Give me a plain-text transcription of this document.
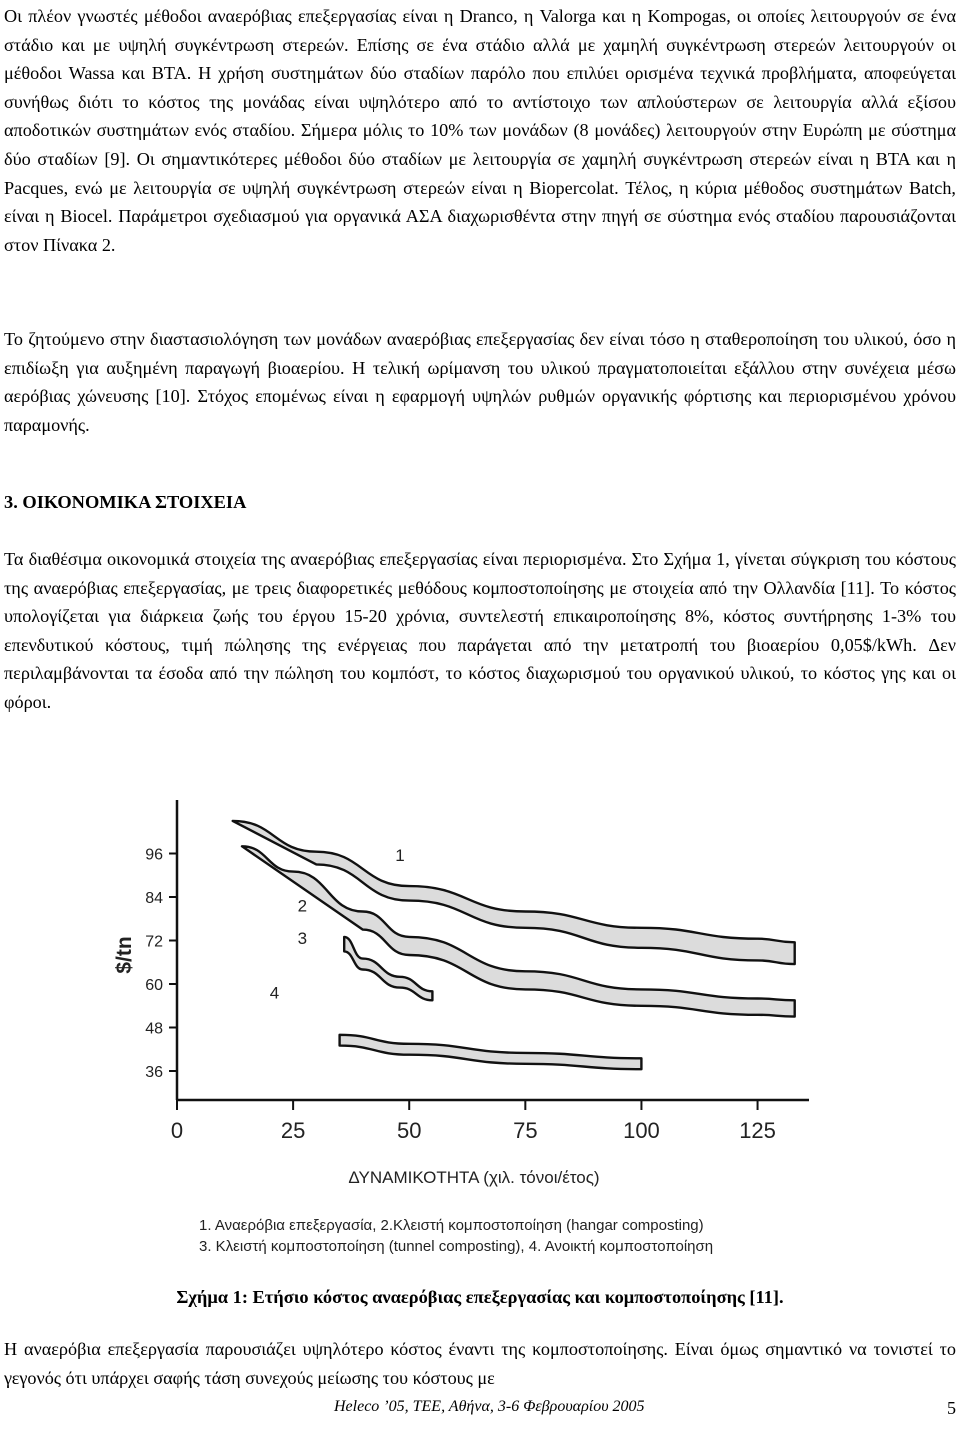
Οι πλέον γνωστές μέθοδοι αναερόβιας επεξεργασίας είναι η Dranco, η Valorga και η Kompogas, οι οποίες λειτουργούν σε ένα στάδιο και με υψηλή συγκέντρωση στερεών. Επίσης σε ένα στάδιο αλλά με χαμηλή συγκέντρωση στερεών λειτουργούν οι μέθοδοι Wassa και BTA. Η χρήση συστημάτων δύο σταδίων παρόλο που επιλύει ορισμένα τεχνικά προβλήματα, αποφεύγεται συνήθως διότι το κόστος της μονάδας είναι υψηλότερο από το αντίστοιχο των απλούστερων σε λειτουργία αλλά εξίσου αποδοτικών συστημάτων ενός σταδίου. Σήμερα μόλις το 10% των μονάδων (8 μονάδες) λειτουργούν στην Ευρώπη με σύστημα δύο σταδίων [9]. Οι σημαντικότερες μέθοδοι δύο σταδίων με λειτουργία σε χαμηλή συγκέντρωση στερεών είναι η BTA και η Pacques, ενώ με λειτουργία σε υψηλή συγκέντρωση στερεών είναι η Biopercolat. Τέλος, η κύρια μέθοδος συστημάτων Batch, είναι η Biocel. Παράμετροι σχεδιασμού για οργανικά ΑΣΑ διαχωρισθέντα στην πηγή σε σύστημα ενός σταδίου παρουσιάζονται στον Πίνακα 2.

Το ζητούμενο στην διαστασιολόγηση των μονάδων αναερόβιας επεξεργασίας δεν είναι τόσο η σταθεροποίηση του υλικού, όσο η επιδίωξη για αυξημένη παραγωγή βιοαερίου. Η τελική ωρίμανση του υλικού πραγματοποιείται εξάλλου στην συνέχεια μέσω αερόβιας χώνευσης [10]. Στόχος επομένως είναι η εφαρμογή υψηλών ρυθμών οργανικής φόρτισης και περιορισμένου χρόνου παραμονής.

3. ΟΙΚΟΝΟΜΙΚΑ ΣΤΟΙΧΕΙΑ

Τα διαθέσιμα οικονομικά στοιχεία της αναερόβιας επεξεργασίας είναι περιορισμένα. Στο Σχήμα 1, γίνεται σύγκριση του κόστους της αναερόβιας επεξεργασίας, με τρεις διαφορετικές μεθόδους κομποστοποίησης με στοιχεία από την Ολλανδία [11]. Το κόστος υπολογίζεται για διάρκεια ζωής του έργου 15-20 χρόνια, συντελεστή επικαιροποίησης 8%, κόστος συντήρησης 1-3% του επενδυτικού κόστους, τιμή πώλησης της ενέργειας που παράγεται από την μετατροπή του βιοαερίου 0,05$/kWh. Δεν περιλαμβάνονται τα έσοδα από την πώληση του κομπόστ, το κόστος διαχωρισμού του οργανικού υλικού, το κόστος γης και οι φόροι.

96
84
72
60
48
36
0	25	50	75	100	125
1
2
3
4
$/tn
ΔΥΝΑΜΙΚΟΤΗΤΑ (χιλ. τόνοι/έτος)
1. Αναερόβια επεξεργασία, 2.Κλειστή κομποστοποίηση (hangar composting)
3. Κλειστή κομποστοποίηση (tunnel composting), 4. Ανοικτή κομποστοποίηση

Σχήμα 1: Ετήσιο κόστος αναερόβιας επεξεργασίας και κομποστοποίησης [11].

Η αναερόβια επεξεργασία παρουσιάζει υψηλότερο κόστος έναντι της κομποστοποίησης. Είναι όμως σημαντικό να τονιστεί το γεγονός ότι υπάρχει σαφής τάση συνεχούς μείωσης του κόστους με

Heleco ’05, ΤΕΕ, Αθήνα, 3-6 Φεβρουαρίου 2005	5
